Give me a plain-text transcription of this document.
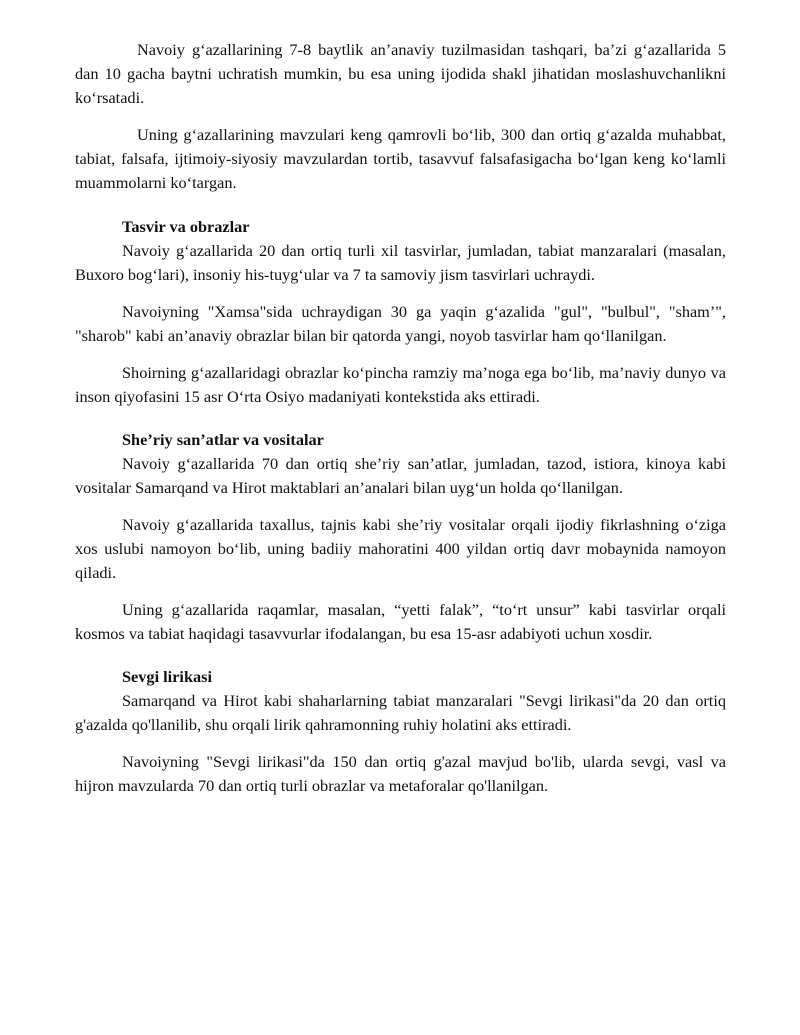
Navoiy g‘azallarining 7-8 baytlik an’anaviy tuzilmasidan tashqari, ba’zi g‘azallarida 5 dan 10 gacha baytni uchratish mumkin, bu esa uning ijodida shakl jihatidan moslashuvchanlikni ko‘rsatadi.

Uning g‘azallarining mavzulari keng qamrovli bo‘lib, 300 dan ortiq g‘azalda muhabbat, tabiat, falsafa, ijtimoiy-siyosiy mavzulardan tortib, tasavvuf falsafasigacha bo‘lgan keng ko‘lamli muammolarni ko‘targan.

Tasvir va obrazlar

Navoiy g‘azallarida 20 dan ortiq turli xil tasvirlar, jumladan, tabiat manzaralari (masalan, Buxoro bog‘lari), insoniy his-tuyg‘ular va 7 ta samoviy jism tasvirlari uchraydi.

Navoiyning "Xamsa"sida uchraydigan 30 ga yaqin g‘azalida "gul", "bulbul", "sham’", "sharob" kabi an’anaviy obrazlar bilan bir qatorda yangi, noyob tasvirlar ham qo‘llanilgan.

Shoirning g‘azallaridagi obrazlar ko‘pincha ramziy ma’noga ega bo‘lib, ma’naviy dunyo va inson qiyofasini 15 asr O‘rta Osiyo madaniyati kontekstida aks ettiradi.

She’riy san’atlar va vositalar

Navoiy g‘azallarida 70 dan ortiq she’riy san’atlar, jumladan, tazod, istiora, kinoya kabi vositalar Samarqand va Hirot maktablari an’analari bilan uyg‘un holda qo‘llanilgan.

Navoiy g‘azallarida taxallus, tajnis kabi she’riy vositalar orqali ijodiy fikrlashning o‘ziga xos uslubi namoyon bo‘lib, uning badiiy mahoratini 400 yildan ortiq davr mobaynida namoyon qiladi.

Uning g‘azallarida raqamlar, masalan, “yetti falak”, “to‘rt unsur” kabi tasvirlar orqali kosmos va tabiat haqidagi tasavvurlar ifodalangan, bu esa 15-asr adabiyoti uchun xosdir.

Sevgi lirikasi

Samarqand va Hirot kabi shaharlarning tabiat manzaralari "Sevgi lirikasi"da 20 dan ortiq g'azalda qo'llanilib, shu orqali lirik qahramonning ruhiy holatini aks ettiradi.

Navoiyning "Sevgi lirikasi"da 150 dan ortiq g'azal mavjud bo'lib, ularda sevgi, vasl va hijron mavzularda 70 dan ortiq turli obrazlar va metaforalar qo'llanilgan.
